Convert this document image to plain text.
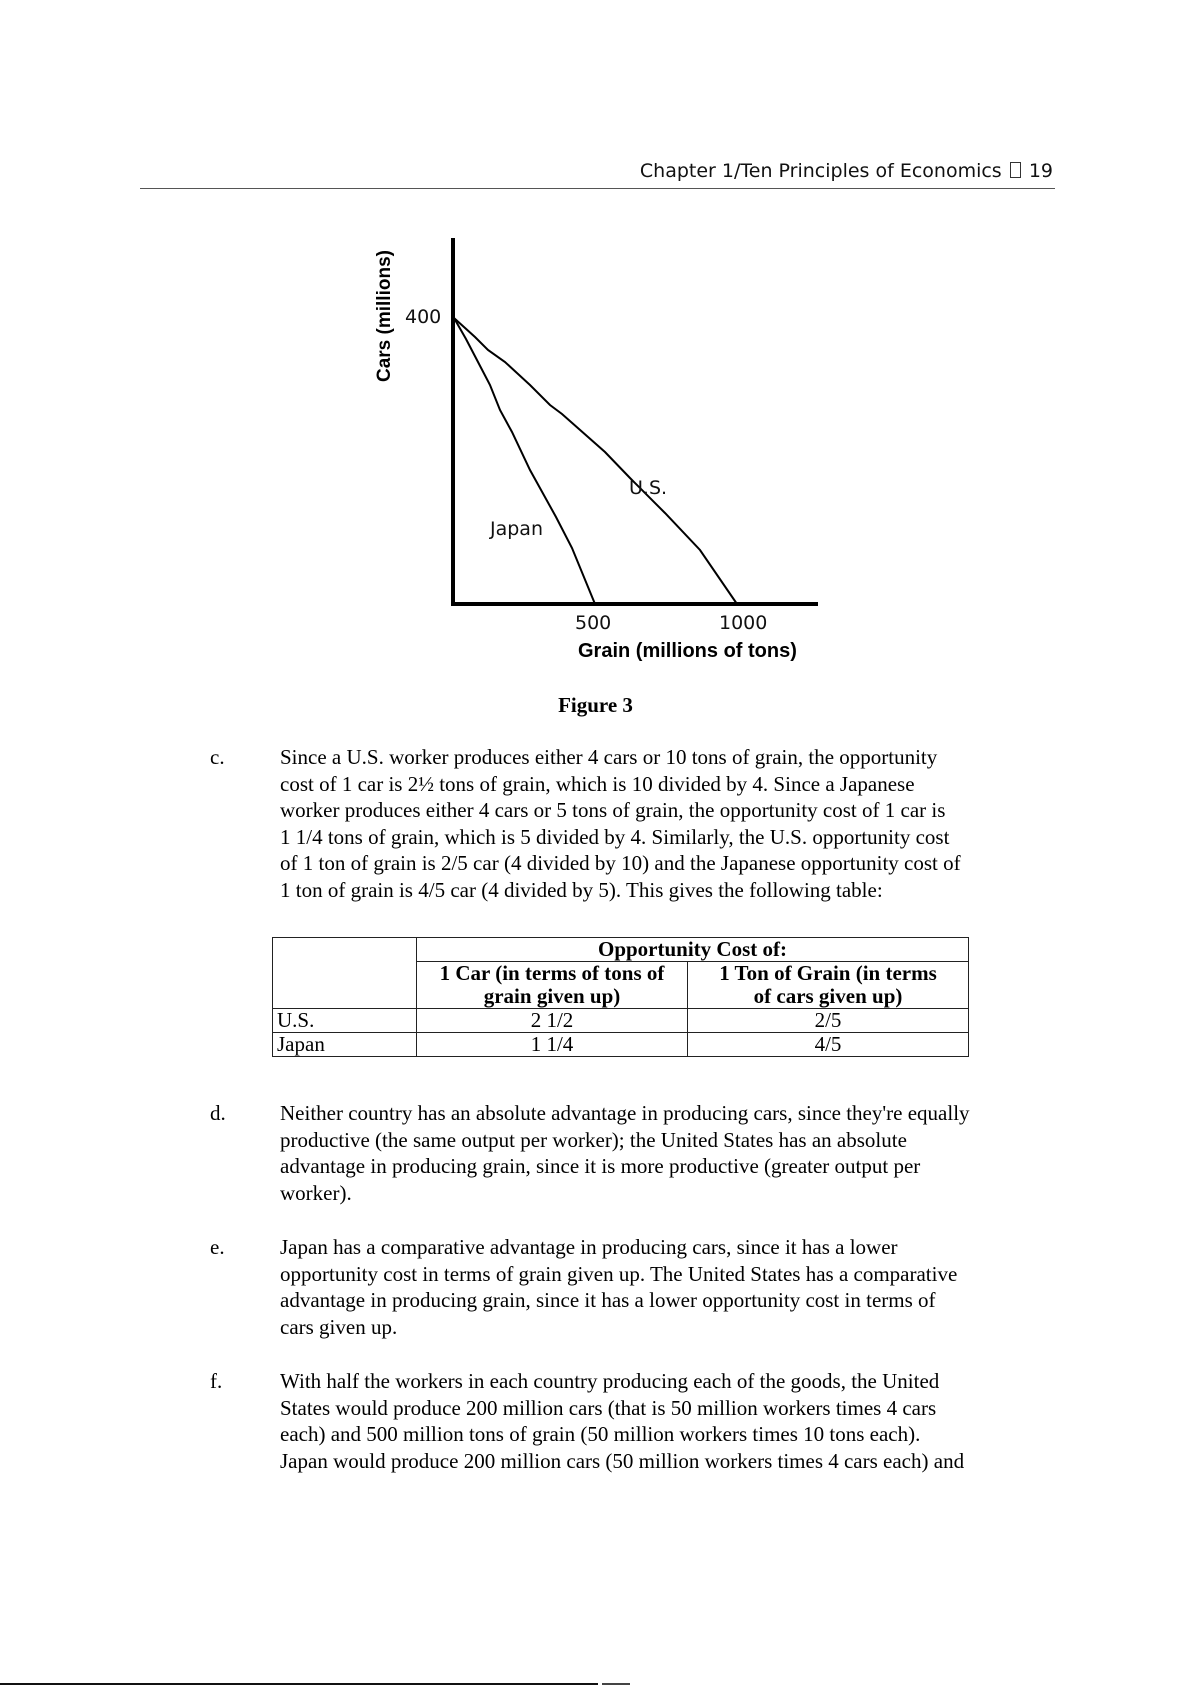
Chapter 1/Ten Principles of Economics 19
Cars (millions) 400
500	1000
Grain (millions of tons)
U.S.
Japan
Figure 3
c.	Since a U.S. worker produces either 4 cars or 10 tons of grain, the opportunity
cost of 1 car is 2½ tons of grain, which is 10 divided by 4. Since a Japanese
worker produces either 4 cars or 5 tons of grain, the opportunity cost of 1 car is
1 1/4 tons of grain, which is 5 divided by 4. Similarly, the U.S. opportunity cost
of 1 ton of grain is 2/5 car (4 divided by 10) and the Japanese opportunity cost of
1 ton of grain is 4/5 car (4 divided by 5). This gives the following table:
	Opportunity Cost of:	
	1 Car (in terms of tons of
grain given up)	1 Ton of Grain (in terms
of cars given up)
U.S.	2 1/2	2/5
Japan	1 1/4	4/5
d.	Neither country has an absolute advantage in producing cars, since they're equally
productive (the same output per worker); the United States has an absolute
advantage in producing grain, since it is more productive (greater output per
worker).
e.	Japan has a comparative advantage in producing cars, since it has a lower
opportunity cost in terms of grain given up. The United States has a comparative
advantage in producing grain, since it has a lower opportunity cost in terms of
cars given up.
f.	With half the workers in each country producing each of the goods, the United
States would produce 200 million cars (that is 50 million workers times 4 cars
each) and 500 million tons of grain (50 million workers times 10 tons each).
Japan would produce 200 million cars (50 million workers times 4 cars each) and
